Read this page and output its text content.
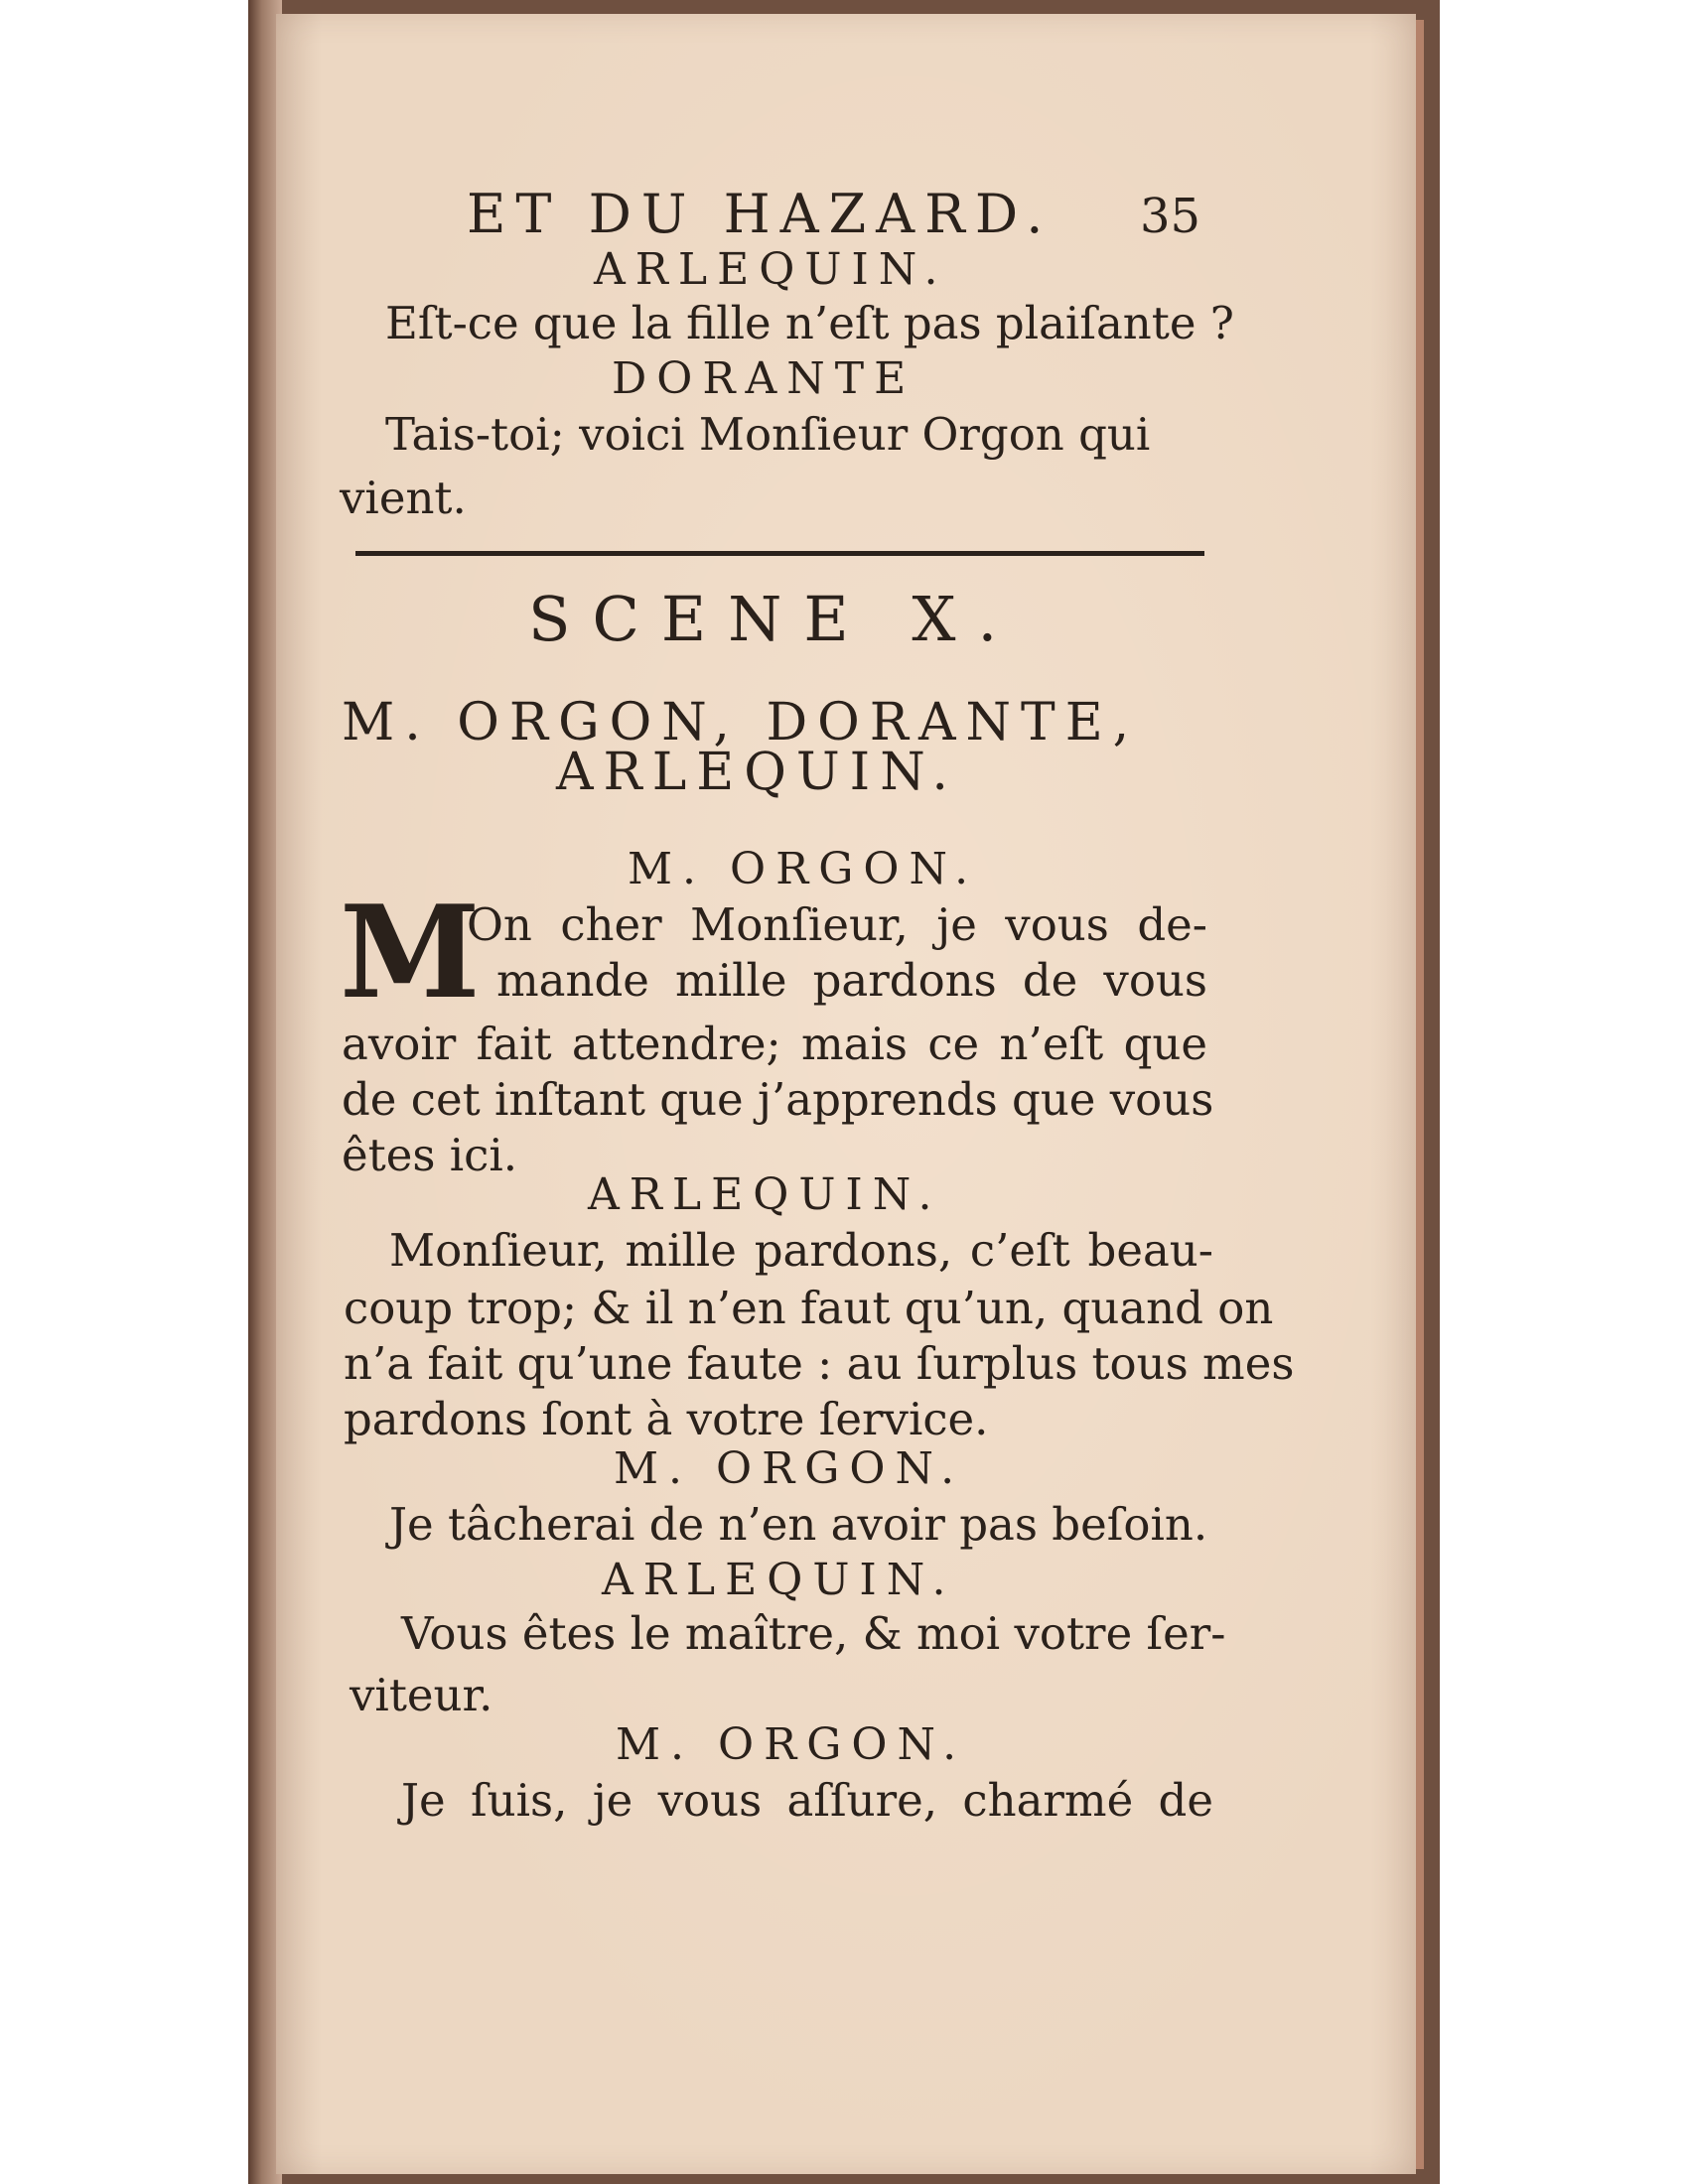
ET DU HAZARD. 35
ARLEQUIN.
Eſt-ce que la fille n’eſt pas plaiſante ?
DORANTE
Tais-toi; voici Monſieur Orgon qui
vient.
SCENE X.
M. ORGON, DORANTE,
ARLEQUIN.
M. ORGON.
M
On cher Monſieur, je vous de-
mande mille pardons de vous
avoir fait attendre; mais ce n’eſt que
de cet inſtant que j’apprends que vous
êtes ici.
ARLEQUIN.
Monſieur, mille pardons, c’eſt beau-
coup trop; & il n’en faut qu’un, quand on
n’a fait qu’une faute : au ſurplus tous mes
pardons ſont à votre ſervice.
M. ORGON.
Je tâcherai de n’en avoir pas beſoin.
ARLEQUIN.
Vous êtes le maître, & moi votre ſer-
viteur.
M. ORGON.
Je ſuis, je vous aſſure, charmé de
